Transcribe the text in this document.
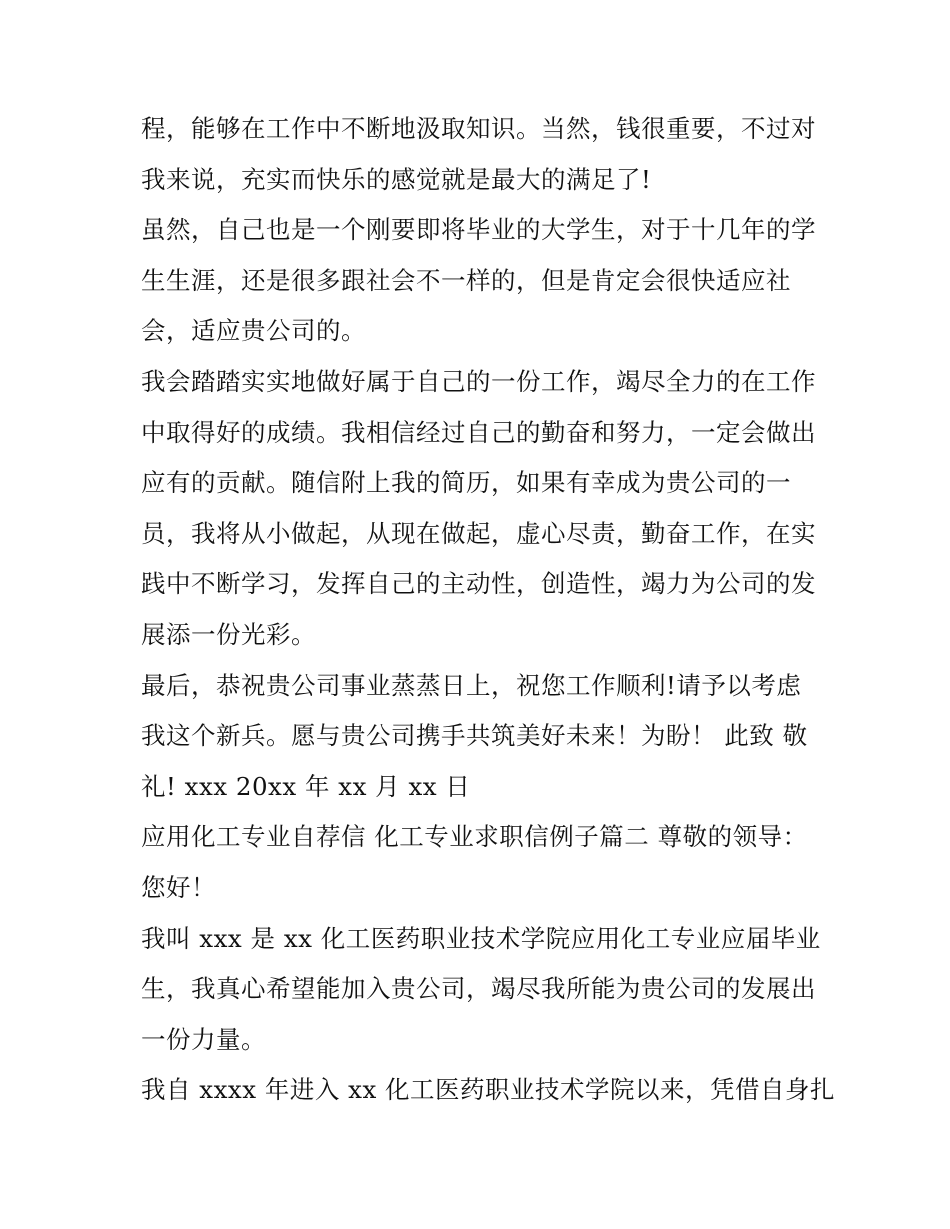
程，能够在工作中不断地汲取知识。当然，钱很重要，不过对
我来说，充实而快乐的感觉就是最大的满足了!
虽然，自己也是一个刚要即将毕业的大学生，对于十几年的学
生生涯，还是很多跟社会不一样的，但是肯定会很快适应社
会，适应贵公司的。
我会踏踏实实地做好属于自己的一份工作，竭尽全力的在工作
中取得好的成绩。我相信经过自己的勤奋和努力，一定会做出
应有的贡献。随信附上我的简历，如果有幸成为贵公司的一
员，我将从小做起，从现在做起，虚心尽责，勤奋工作，在实
践中不断学习，发挥自己的主动性，创造性，竭力为公司的发
展添一份光彩。
最后，恭祝贵公司事业蒸蒸日上，祝您工作顺利!请予以考虑
我这个新兵。愿与贵公司携手共筑美好未来！为盼！ 此致 敬
礼! xxx 20xx 年 xx 月 xx 日
应用化工专业自荐信 化工专业求职信例子篇二 尊敬的领导：
您好！
我叫 xxx 是 xx 化工医药职业技术学院应用化工专业应届毕业
生，我真心希望能加入贵公司，竭尽我所能为贵公司的发展出
一份力量。
我自 xxxx 年进入 xx 化工医药职业技术学院以来，凭借自身扎
